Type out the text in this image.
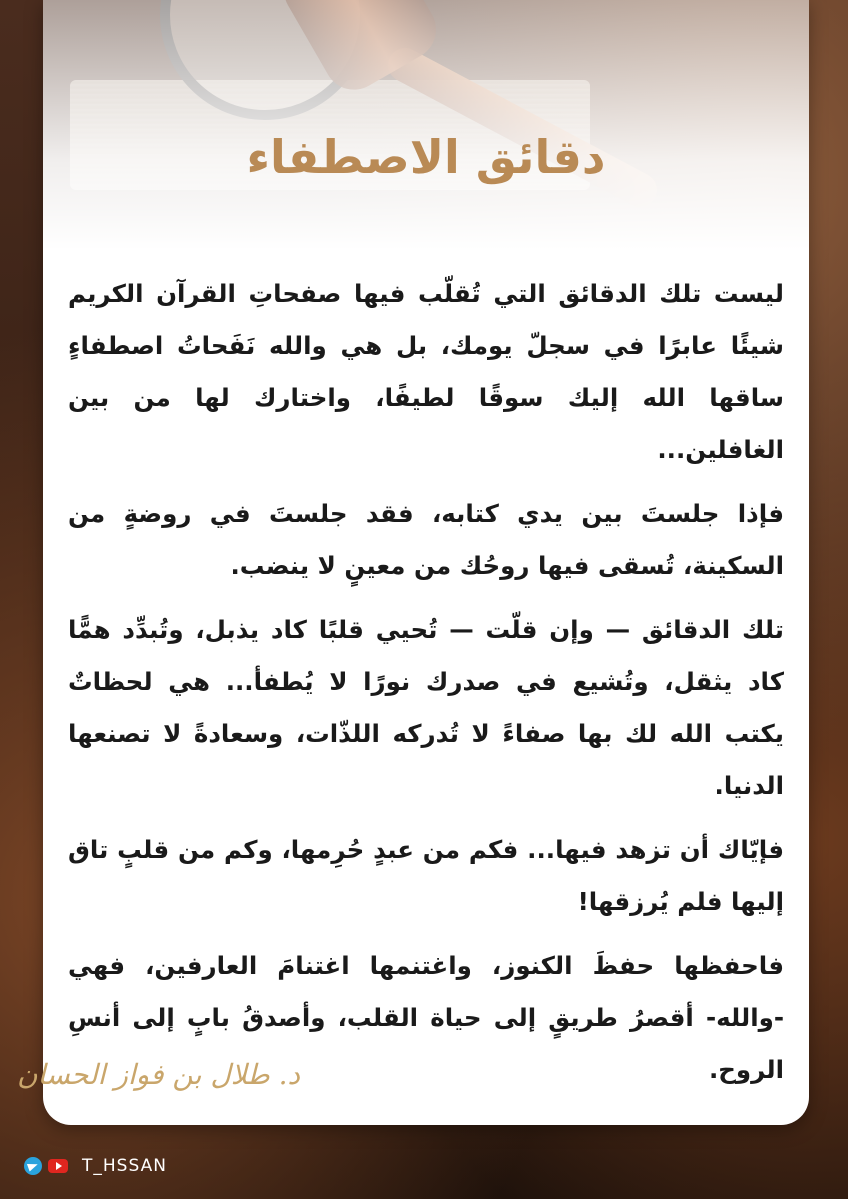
دقائق الاصطفاء

ليست تلك الدقائق التي تُقلّب فيها صفحاتِ القرآن الكريم شيئًا عابرًا في سجلّ يومك، بل هي والله نَفَحاتُ اصطفاءٍ ساقها الله إليك سوقًا لطيفًا، واختارك لها من بين الغافلين...

فإذا جلستَ بين يدي كتابه، فقد جلستَ في روضةٍ من السكينة، تُسقى فيها روحُك من معينٍ لا ينضب.

تلك الدقائق — وإن قلّت — تُحيي قلبًا كاد يذبل، وتُبدِّد همًّا كاد يثقل، وتُشيع في صدرك نورًا لا يُطفأ... هي لحظاتٌ يكتب الله لك بها صفاءً لا تُدركه اللذّات، وسعادةً لا تصنعها الدنيا.

فإيّاك أن تزهد فيها... فكم من عبدٍ حُرِمها، وكم من قلبٍ تاق إليها فلم يُرزقها!

فاحفظها حفظَ الكنوز، واغتنمها اغتنامَ العارفين، فهي -والله- أقصرُ طريقٍ إلى حياة القلب، وأصدقُ بابٍ إلى أنسِ الروح.

د. طلال بن فواز الحسان
T_HSSAN
